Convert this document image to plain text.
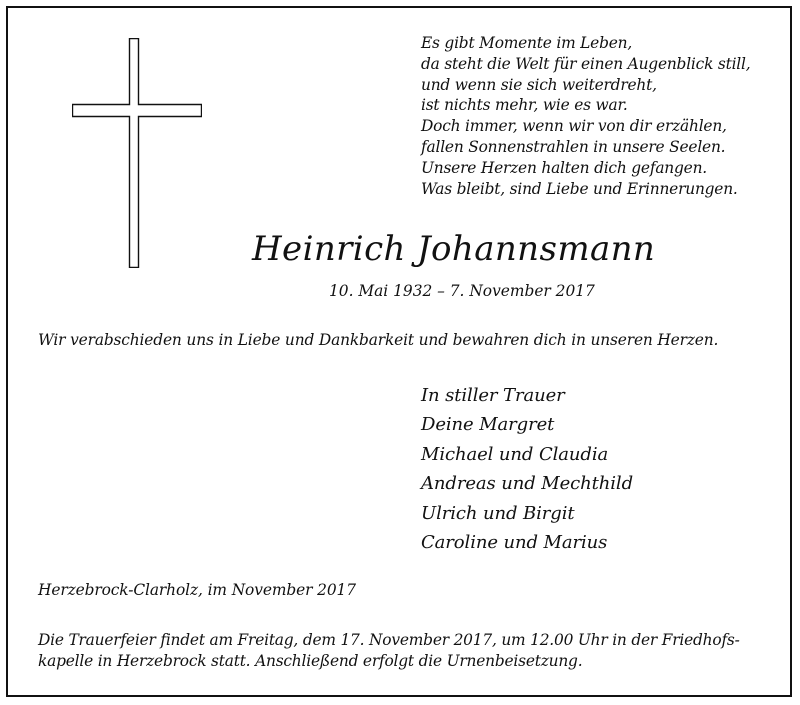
Es gibt Momente im Leben,
da steht die Welt für einen Augenblick still,
und wenn sie sich weiterdreht,
ist nichts mehr, wie es war.
Doch immer, wenn wir von dir erzählen,
fallen Sonnenstrahlen in unsere Seelen.
Unsere Herzen halten dich gefangen.
Was bleibt, sind Liebe und Erinnerungen.
Heinrich Johannsmann
10. Mai 1932 – 7. November 2017
Wir verabschieden uns in Liebe und Dankbarkeit und bewahren dich in unseren Herzen.
In stiller Trauer
Deine Margret
Michael und Claudia
Andreas und Mechthild
Ulrich und Birgit
Caroline und Marius
Herzebrock-Clarholz, im November 2017
Die Trauerfeier findet am Freitag, dem 17. November 2017, um 12.00 Uhr in der Friedhofs-
kapelle in Herzebrock statt. Anschließend erfolgt die Urnenbeisetzung.
